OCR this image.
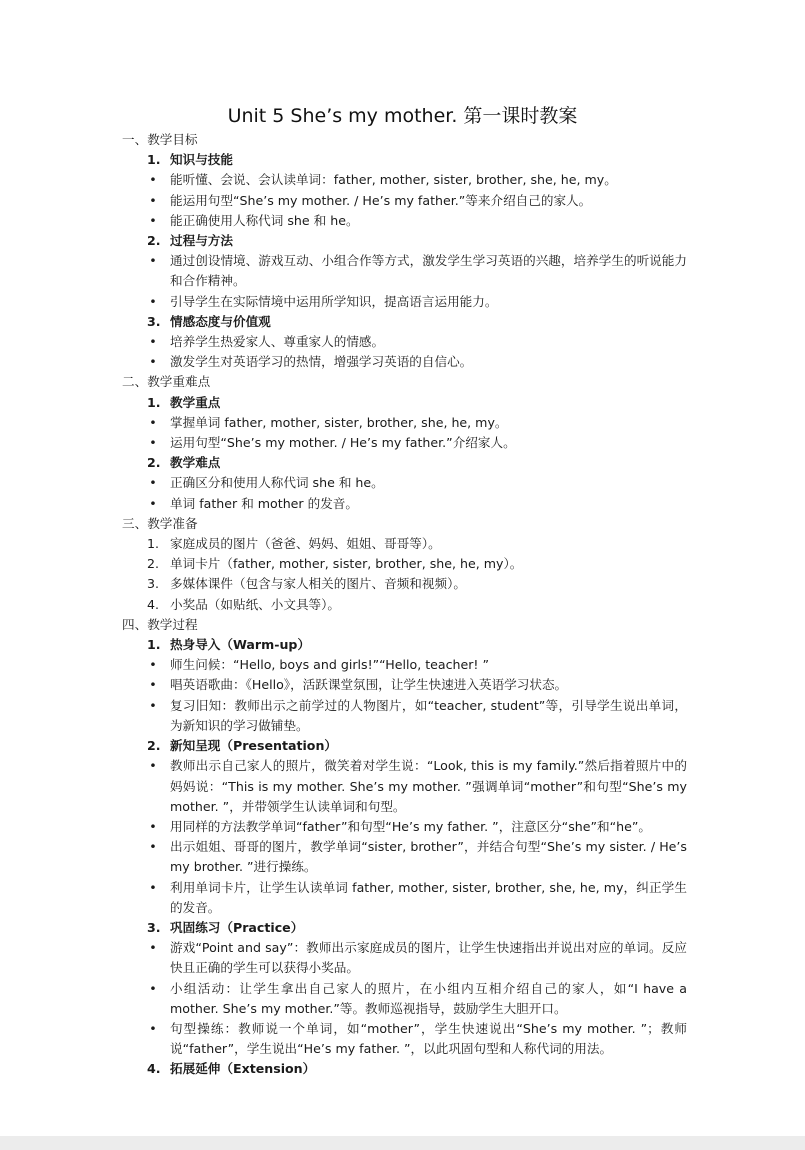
Unit 5 She’s my mother. 第一课时教案
一、教学目标
1. 知识与技能
• 能听懂、会说、会认读单词：father, mother, sister, brother, she, he, my。
• 能运用句型“She’s my mother. / He’s my father.”等来介绍自己的家人。
• 能正确使用人称代词 she 和 he。
2. 过程与方法
• 通过创设情境、游戏互动、小组合作等方式，激发学生学习英语的兴趣，培养学生的听说能力和合作精神。
• 引导学生在实际情境中运用所学知识，提高语言运用能力。
3. 情感态度与价值观
• 培养学生热爱家人、尊重家人的情感。
• 激发学生对英语学习的热情，增强学习英语的自信心。
二、教学重难点
1. 教学重点
• 掌握单词 father, mother, sister, brother, she, he, my。
• 运用句型“She’s my mother. / He’s my father.”介绍家人。
2. 教学难点
• 正确区分和使用人称代词 she 和 he。
• 单词 father 和 mother 的发音。
三、教学准备
1. 家庭成员的图片（爸爸、妈妈、姐姐、哥哥等）。
2. 单词卡片（father, mother, sister, brother, she, he, my）。
3. 多媒体课件（包含与家人相关的图片、音频和视频）。
4. 小奖品（如贴纸、小文具等）。
四、教学过程
1. 热身导入（Warm-up）
• 师生问候：“Hello, boys and girls!”“Hello, teacher! ”
• 唱英语歌曲：《Hello》，活跃课堂氛围，让学生快速进入英语学习状态。
• 复习旧知：教师出示之前学过的人物图片，如“teacher, student”等，引导学生说出单词，为新知识的学习做铺垫。
2. 新知呈现（Presentation）
• 教师出示自己家人的照片，微笑着对学生说：“Look, this is my family.”然后指着照片中的妈妈说：“This is my mother. She’s my mother. ”强调单词“mother”和句型“She’s my mother. ”，并带领学生认读单词和句型。
• 用同样的方法教学单词“father”和句型“He’s my father. ”，注意区分“she”和“he”。
• 出示姐姐、哥哥的图片，教学单词“sister, brother”，并结合句型“She’s my sister. / He’s my brother. ”进行操练。
• 利用单词卡片，让学生认读单词 father, mother, sister, brother, she, he, my，纠正学生的发音。
3. 巩固练习（Practice）
• 游戏“Point and say”：教师出示家庭成员的图片，让学生快速指出并说出对应的单词。反应快且正确的学生可以获得小奖品。
• 小组活动：让学生拿出自己家人的照片，在小组内互相介绍自己的家人，如“I have a mother. She’s my mother.”等。教师巡视指导，鼓励学生大胆开口。
• 句型操练：教师说一个单词，如“mother”，学生快速说出“She’s my mother. ”；教师说“father”，学生说出“He’s my father. ”，以此巩固句型和人称代词的用法。
4. 拓展延伸（Extension）
